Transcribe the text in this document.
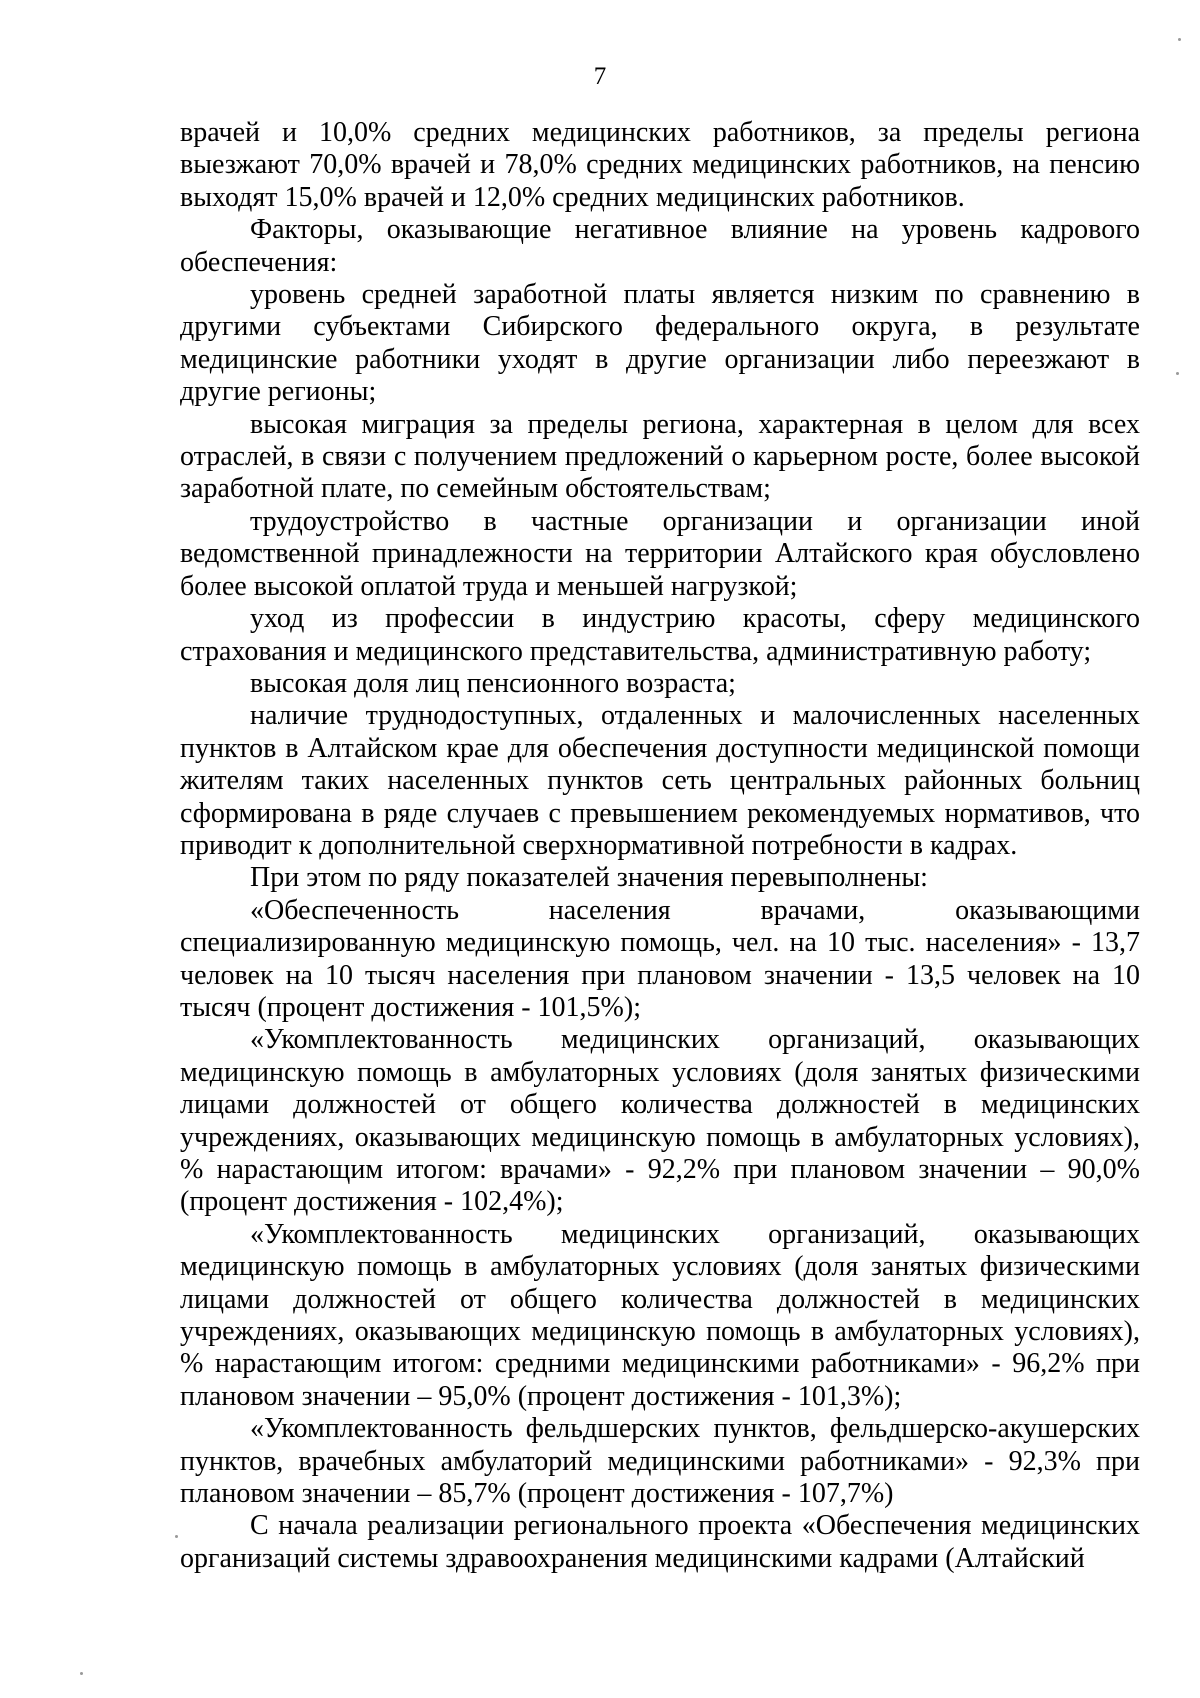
7

врачей и 10,0% средних медицинских работников, за пределы региона выезжают 70,0% врачей и 78,0% средних медицинских работников, на пенсию выходят 15,0% врачей и 12,0% средних медицинских работников.

Факторы, оказывающие негативное влияние на уровень кадрового обеспечения:

уровень средней заработной платы является низким по сравнению в другими субъектами Сибирского федерального округа, в результате медицинские работники уходят в другие организации либо переезжают в другие регионы;

высокая миграция за пределы региона, характерная в целом для всех отраслей, в связи с получением предложений о карьерном росте, более высокой заработной плате, по семейным обстоятельствам;

трудоустройство в частные организации и организации иной ведомственной принадлежности на территории Алтайского края обусловлено более высокой оплатой труда и меньшей нагрузкой;

уход из профессии в индустрию красоты, сферу медицинского страхования и медицинского представительства, административную работу;

высокая доля лиц пенсионного возраста;

наличие труднодоступных, отдаленных и малочисленных населенных пунктов в Алтайском крае для обеспечения доступности медицинской помощи жителям таких населенных пунктов сеть центральных районных больниц сформирована в ряде случаев с превышением рекомендуемых нормативов, что приводит к дополнительной сверхнормативной потребности в кадрах.

При этом по ряду показателей значения перевыполнены:

«Обеспеченность населения врачами, оказывающими специализированную медицинскую помощь, чел. на 10 тыс. населения» - 13,7 человек на 10 тысяч населения при плановом значении - 13,5 человек на 10 тысяч (процент достижения - 101,5%);

«Укомплектованность медицинских организаций, оказывающих медицинскую помощь в амбулаторных условиях (доля занятых физическими лицами должностей от общего количества должностей в медицинских учреждениях, оказывающих медицинскую помощь в амбулаторных условиях), % нарастающим итогом: врачами» - 92,2% при плановом значении – 90,0% (процент достижения - 102,4%);

«Укомплектованность медицинских организаций, оказывающих медицинскую помощь в амбулаторных условиях (доля занятых физическими лицами должностей от общего количества должностей в медицинских учреждениях, оказывающих медицинскую помощь в амбулаторных условиях), % нарастающим итогом: средними медицинскими работниками» - 96,2% при плановом значении – 95,0% (процент достижения - 101,3%);

«Укомплектованность фельдшерских пунктов, фельдшерско-акушерских пунктов, врачебных амбулаторий медицинскими работниками» - 92,3% при плановом значении – 85,7% (процент достижения - 107,7%)

С начала реализации регионального проекта «Обеспечения медицинских организаций системы здравоохранения медицинскими кадрами (Алтайский
